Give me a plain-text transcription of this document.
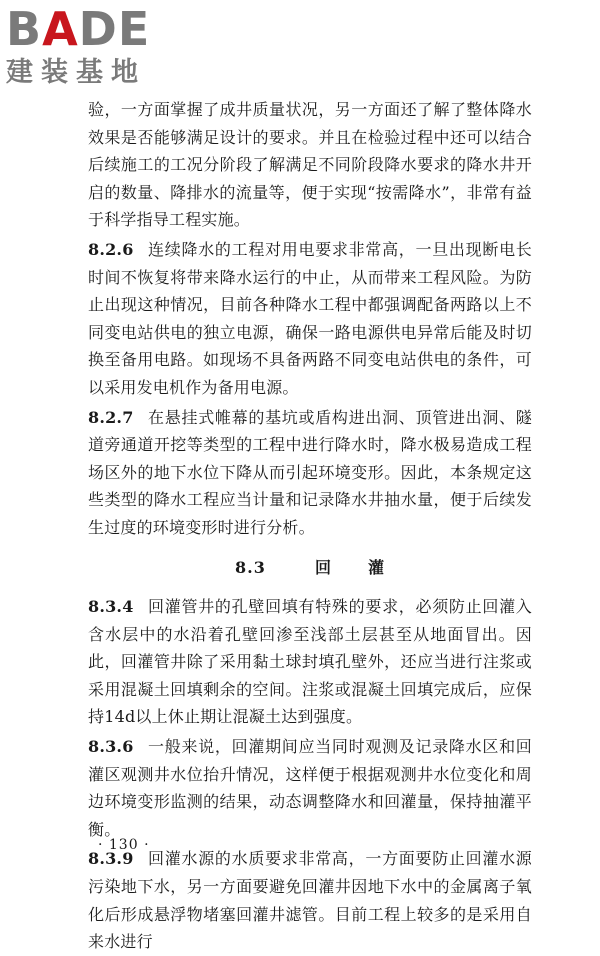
B A DE
建装基地

验，一方面掌握了成井质量状况，另一方面还了解了整体降水效果是否能够满足设计的要求。并且在检验过程中还可以结合后续施工的工况分阶段了解满足不同阶段降水要求的降水井开启的数量、降排水的流量等，便于实现“按需降水”，非常有益于科学指导工程实施。

8.2.6 连续降水的工程对用电要求非常高，一旦出现断电长时间不恢复将带来降水运行的中止，从而带来工程风险。为防止出现这种情况，目前各种降水工程中都强调配备两路以上不同变电站供电的独立电源，确保一路电源供电异常后能及时切换至备用电路。如现场不具备两路不同变电站供电的条件，可以采用发电机作为备用电源。

8.2.7 在悬挂式帷幕的基坑或盾构进出洞、顶管进出洞、隧道旁通道开挖等类型的工程中进行降水时，降水极易造成工程场区外的地下水位下降从而引起环境变形。因此，本条规定这些类型的降水工程应当计量和记录降水井抽水量，便于后续发生过度的环境变形时进行分析。

8.3	回 灌

8.3.4 回灌管井的孔壁回填有特殊的要求，必须防止回灌入含水层中的水沿着孔壁回渗至浅部土层甚至从地面冒出。因此，回灌管井除了采用黏土球封填孔壁外，还应当进行注浆或采用混凝土回填剩余的空间。注浆或混凝土回填完成后，应保持14d以上休止期让混凝土达到强度。

8.3.6 一般来说，回灌期间应当同时观测及记录降水区和回灌区观测井水位抬升情况，这样便于根据观测井水位变化和周边环境变形监测的结果，动态调整降水和回灌量，保持抽灌平衡。

8.3.9 回灌水源的水质要求非常高，一方面要防止回灌水源污染地下水，另一方面要避免回灌井因地下水中的金属离子氧化后形成悬浮物堵塞回灌井滤管。目前工程上较多的是采用自来水进行

· 130 ·
